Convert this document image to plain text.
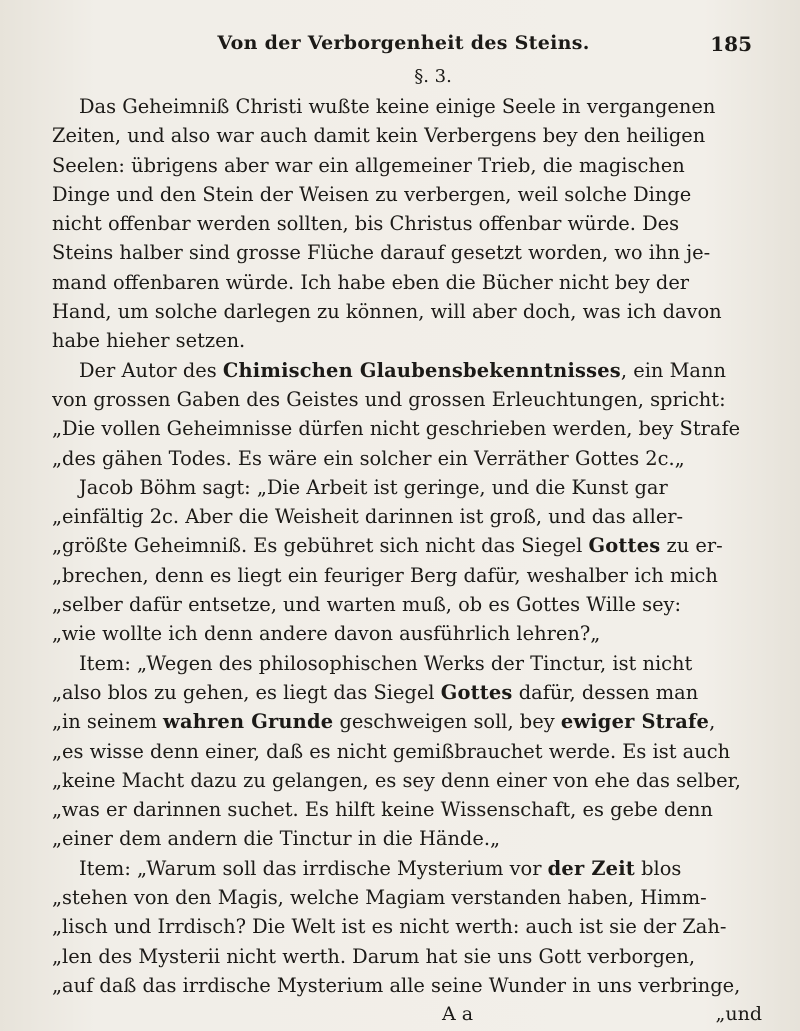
Von der Verborgenheit des Steins.	185
§. 3.
Das Geheimniß Christi wußte keine einige Seele in vergangenen
Zeiten, und also war auch damit kein Verbergens bey den heiligen
Seelen: übrigens aber war ein allgemeiner Trieb, die magischen
Dinge und den Stein der Weisen zu verbergen, weil solche Dinge
nicht offenbar werden sollten, bis Christus offenbar würde. Des
Steins halber sind grosse Flüche darauf gesetzt worden, wo ihn je-
mand offenbaren würde. Ich habe eben die Bücher nicht bey der
Hand, um solche darlegen zu können, will aber doch, was ich davon
habe hieher setzen.
Der Autor des Chimischen Glaubensbekenntnisses, ein Mann
von grossen Gaben des Geistes und grossen Erleuchtungen, spricht:
„Die vollen Geheimnisse dürfen nicht geschrieben werden, bey Strafe
„des gähen Todes. Es wäre ein solcher ein Verräther Gottes 2c.„
Jacob Böhm sagt: „Die Arbeit ist geringe, und die Kunst gar
„einfältig 2c. Aber die Weisheit darinnen ist groß, und das aller-
„größte Geheimniß. Es gebühret sich nicht das Siegel Gottes zu er-
„brechen, denn es liegt ein feuriger Berg dafür, weshalber ich mich
„selber dafür entsetze, und warten muß, ob es Gottes Wille sey:
„wie wollte ich denn andere davon ausführlich lehren?„
Item: „Wegen des philosophischen Werks der Tinctur, ist nicht
„also blos zu gehen, es liegt das Siegel Gottes dafür, dessen man
„in seinem wahren Grunde geschweigen soll, bey ewiger Strafe,
„es wisse denn einer, daß es nicht gemißbrauchet werde. Es ist auch
„keine Macht dazu zu gelangen, es sey denn einer von ehe das selber,
„was er darinnen suchet. Es hilft keine Wissenschaft, es gebe denn
„einer dem andern die Tinctur in die Hände.„
Item: „Warum soll das irrdische Mysterium vor der Zeit blos
„stehen von den Magis, welche Magiam verstanden haben, Himm-
„lisch und Irrdisch? Die Welt ist es nicht werth: auch ist sie der Zah-
„len des Mysterii nicht werth. Darum hat sie uns Gott verborgen,
„auf daß das irrdische Mysterium alle seine Wunder in uns verbringe,
A a	„und
